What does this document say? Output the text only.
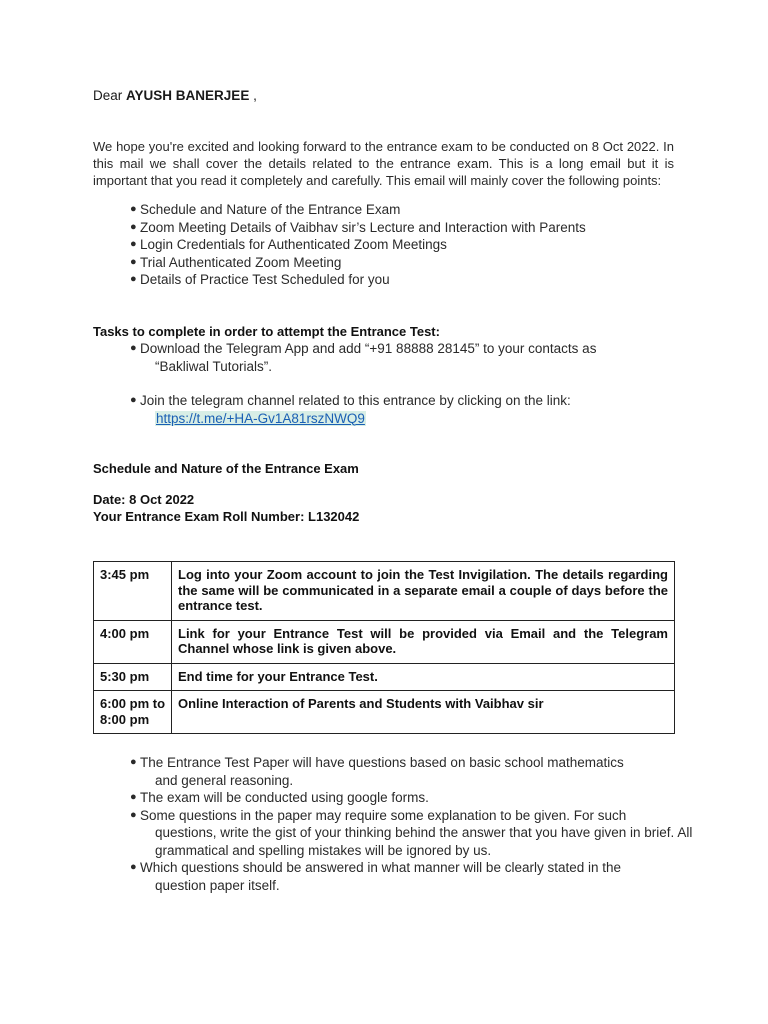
Dear AYUSH BANERJEE ,
We hope you're excited and looking forward to the entrance exam to be conducted on 8 Oct 2022. In this mail we shall cover the details related to the entrance exam. This is a long email but it is important that you read it completely and carefully. This email will mainly cover the following points:
● Schedule and Nature of the Entrance Exam
● Zoom Meeting Details of Vaibhav sir’s Lecture and Interaction with Parents
● Login Credentials for Authenticated Zoom Meetings
● Trial Authenticated Zoom Meeting
● Details of Practice Test Scheduled for you
Tasks to complete in order to attempt the Entrance Test:
● Download the Telegram App and add “+91 88888 28145” to your contacts as
“Bakliwal Tutorials”.
● Join the telegram channel related to this entrance by clicking on the link:
https://t.me/+HA-Gv1A81rszNWQ9
Schedule and Nature of the Entrance Exam
Date: 8 Oct 2022
Your Entrance Exam Roll Number: L132042
3:45 pm	Log into your Zoom account to join the Test Invigilation. The details regarding the same will be communicated in a separate email a couple of days before the entrance test.
4:00 pm	Link for your Entrance Test will be provided via Email and the Telegram Channel whose link is given above.
5:30 pm	End time for your Entrance Test.
6:00 pm to 8:00 pm	Online Interaction of Parents and Students with Vaibhav sir
● The Entrance Test Paper will have questions based on basic school mathematics
and general reasoning.
● The exam will be conducted using google forms.
● Some questions in the paper may require some explanation to be given. For such
questions, write the gist of your thinking behind the answer that you have given in brief. All grammatical and spelling mistakes will be ignored by us.
● Which questions should be answered in what manner will be clearly stated in the
question paper itself.
